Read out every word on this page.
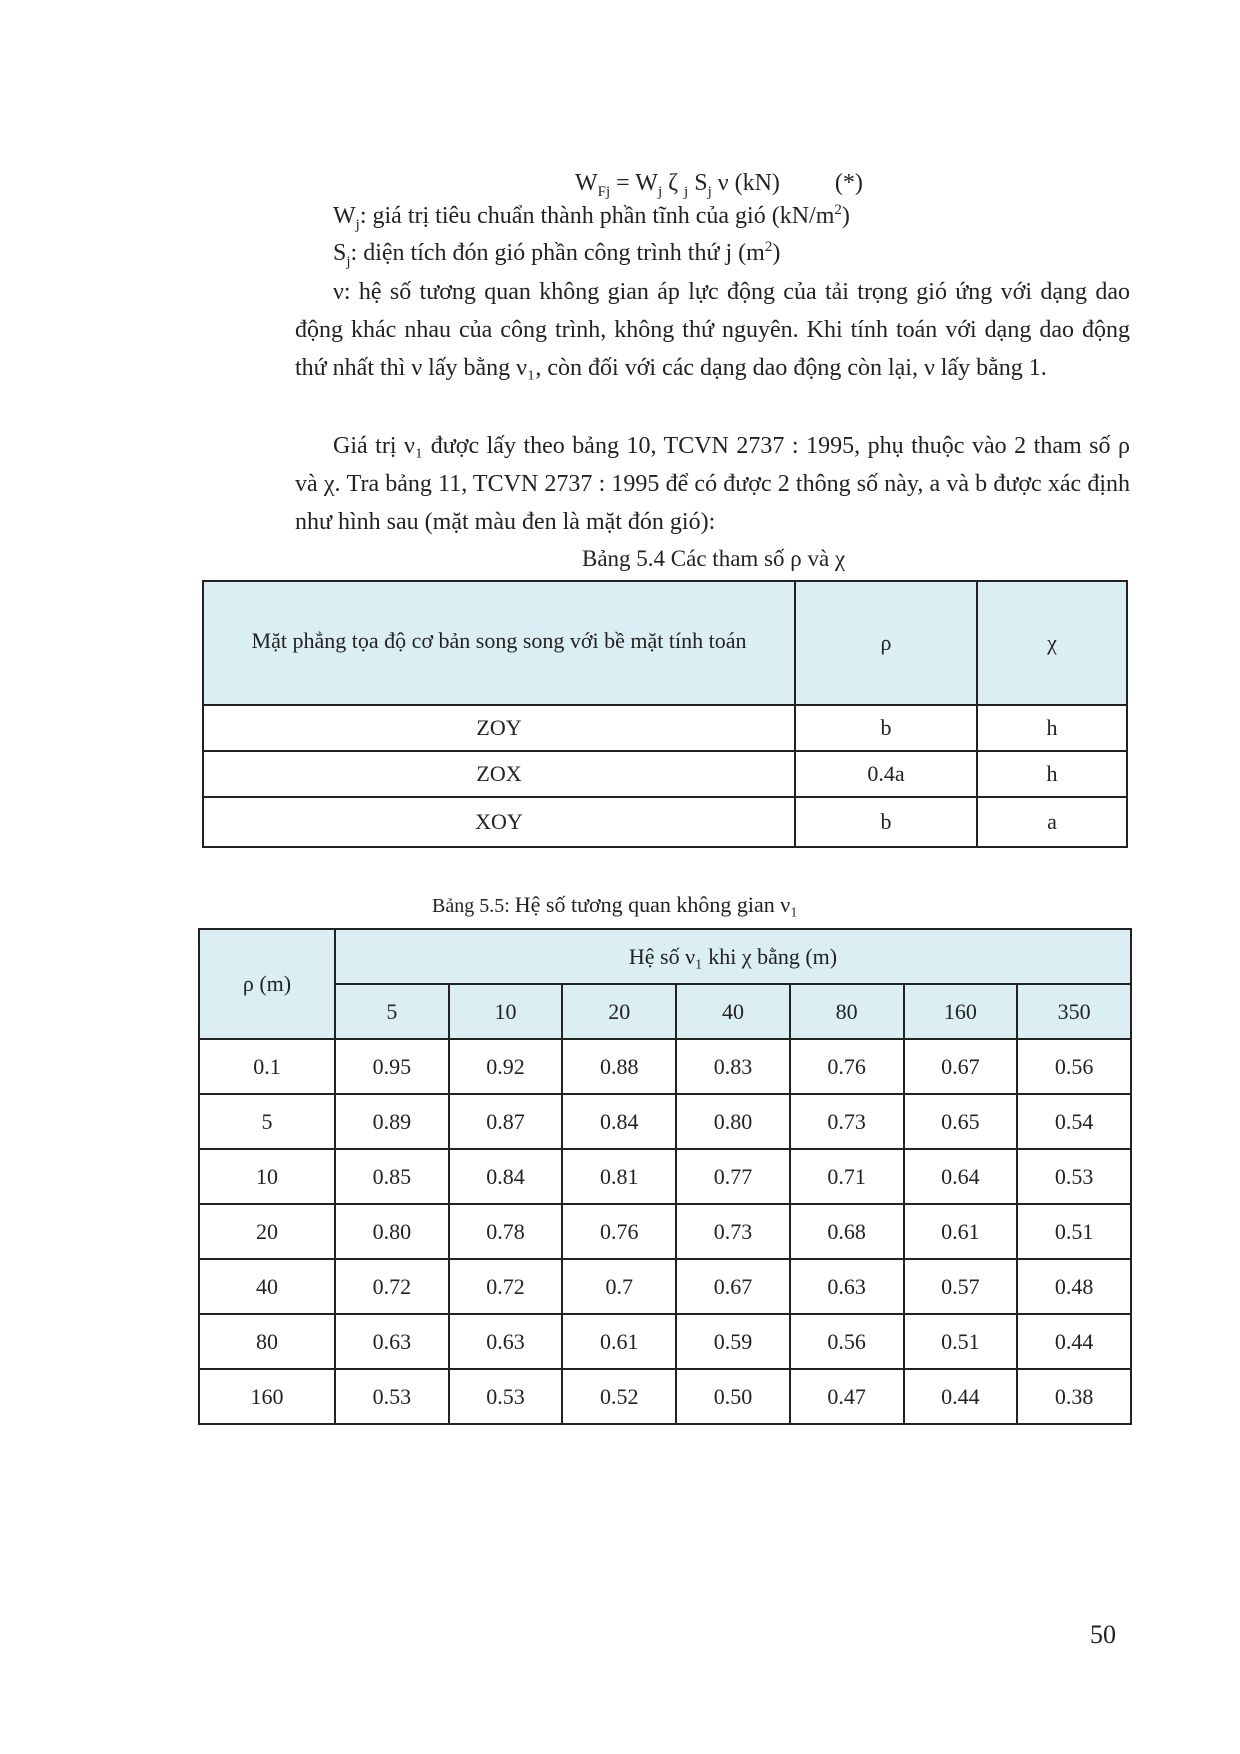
$W_{Fj} = W_j$ ζ $_j$ $S_j$ ν (kN) (*)
$W_j$: giá trị tiêu chuẩn thành phần tĩnh của gió $(kN/m^2)$
$S_j$: diện tích đón gió phần công trình thứ j $(m^2)$
ν: hệ số tương quan không gian áp lực động của tải trọng gió ứng với dạng dao động khác nhau của công trình, không thứ nguyên. Khi tính toán với dạng dao động thứ nhất thì ν lấy bằng ν₁, còn đối với các dạng dao động còn lại, ν lấy bằng 1.
Giá trị ν₁ được lấy theo bảng 10, TCVN 2737 : 1995, phụ thuộc vào 2 tham số ρ và χ. Tra bảng 11, TCVN 2737 : 1995 để có được 2 thông số này, a và b được xác định như hình sau (mặt màu đen là mặt đón gió):
Bảng 5.4 Các tham số ρ và χ
Mặt phẳng tọa độ cơ bản song song với bề mặt tính toán	ρ	χ
ZOY	b	h
ZOX	0.4a	h
XOY	b	a
Bảng 5.5: Hệ số tương quan không gian ν₁
ρ (m)	Hệ số ν₁ khi χ bằng (m)						
	5	10	20	40	80	160	350
0.1	0.95	0.92	0.88	0.83	0.76	0.67	0.56
5	0.89	0.87	0.84	0.80	0.73	0.65	0.54
10	0.85	0.84	0.81	0.77	0.71	0.64	0.53
20	0.80	0.78	0.76	0.73	0.68	0.61	0.51
40	0.72	0.72	0.7	0.67	0.63	0.57	0.48
80	0.63	0.63	0.61	0.59	0.56	0.51	0.44
160	0.53	0.53	0.52	0.50	0.47	0.44	0.38
50
